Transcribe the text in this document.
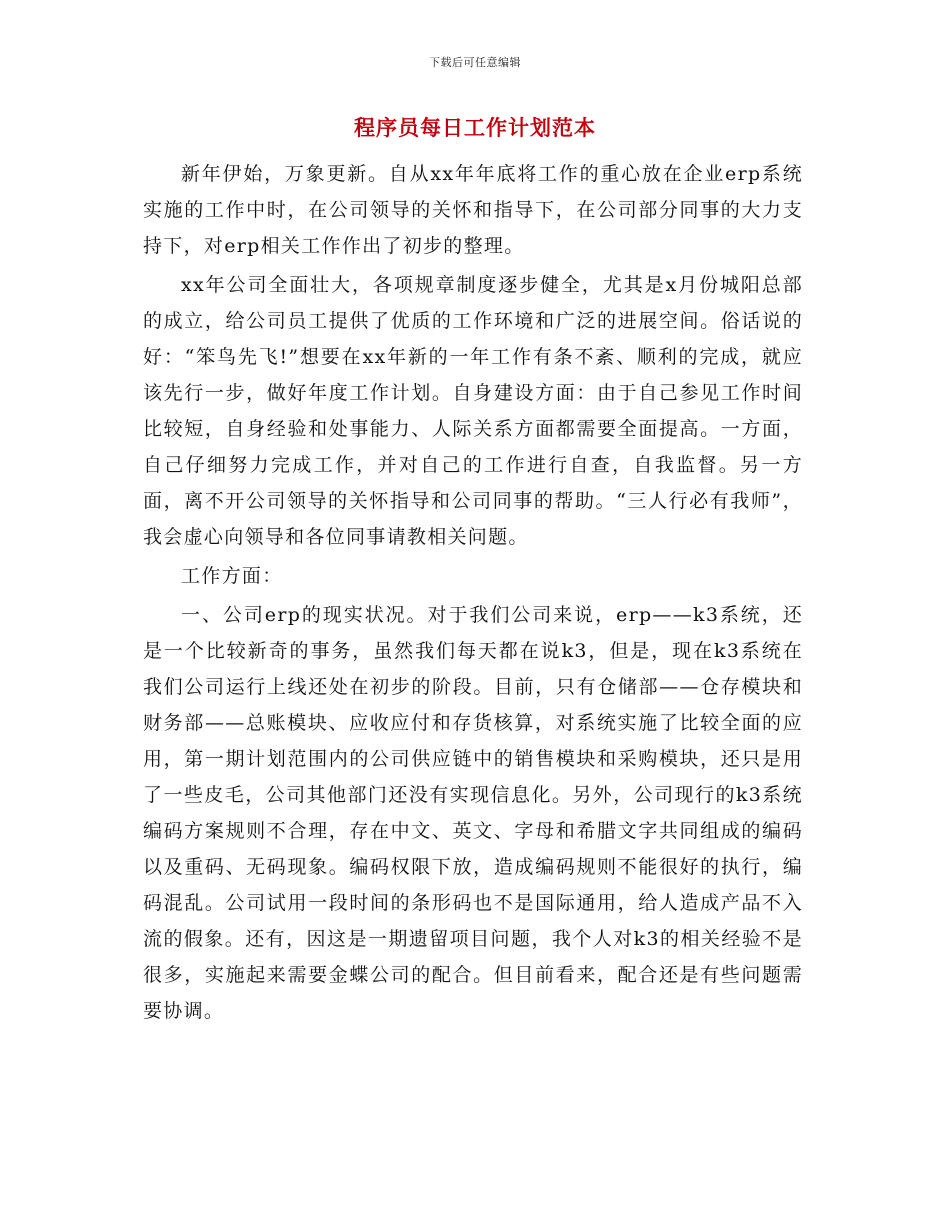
下载后可任意编辑
程序员每日工作计划范本

新年伊始，万象更新。自从xx年年底将工作的重心放在企业erp系统实施的工作中时，在公司领导的关怀和指导下，在公司部分同事的大力支持下，对erp相关工作作出了初步的整理。

xx年公司全面壮大，各项规章制度逐步健全，尤其是x月份城阳总部的成立，给公司员工提供了优质的工作环境和广泛的进展空间。俗话说的好：“笨鸟先飞!”想要在xx年新的一年工作有条不紊、顺利的完成，就应该先行一步，做好年度工作计划。自身建设方面：由于自己参见工作时间比较短，自身经验和处事能力、人际关系方面都需要全面提高。一方面，自己仔细努力完成工作，并对自己的工作进行自查，自我监督。另一方面，离不开公司领导的关怀指导和公司同事的帮助。“三人行必有我师”，我会虚心向领导和各位同事请教相关问题。

工作方面：

一、公司erp的现实状况。对于我们公司来说，erp——k3系统，还是一个比较新奇的事务，虽然我们每天都在说k3，但是，现在k3系统在我们公司运行上线还处在初步的阶段。目前，只有仓储部——仓存模块和财务部——总账模块、应收应付和存货核算，对系统实施了比较全面的应用，第一期计划范围内的公司供应链中的销售模块和采购模块，还只是用了一些皮毛，公司其他部门还没有实现信息化。另外，公司现行的k3系统编码方案规则不合理，存在中文、英文、字母和希腊文字共同组成的编码以及重码、无码现象。编码权限下放，造成编码规则不能很好的执行，编码混乱。公司试用一段时间的条形码也不是国际通用，给人造成产品不入流的假象。还有，因这是一期遗留项目问题，我个人对k3的相关经验不是很多，实施起来需要金蝶公司的配合。但目前看来，配合还是有些问题需要协调。
